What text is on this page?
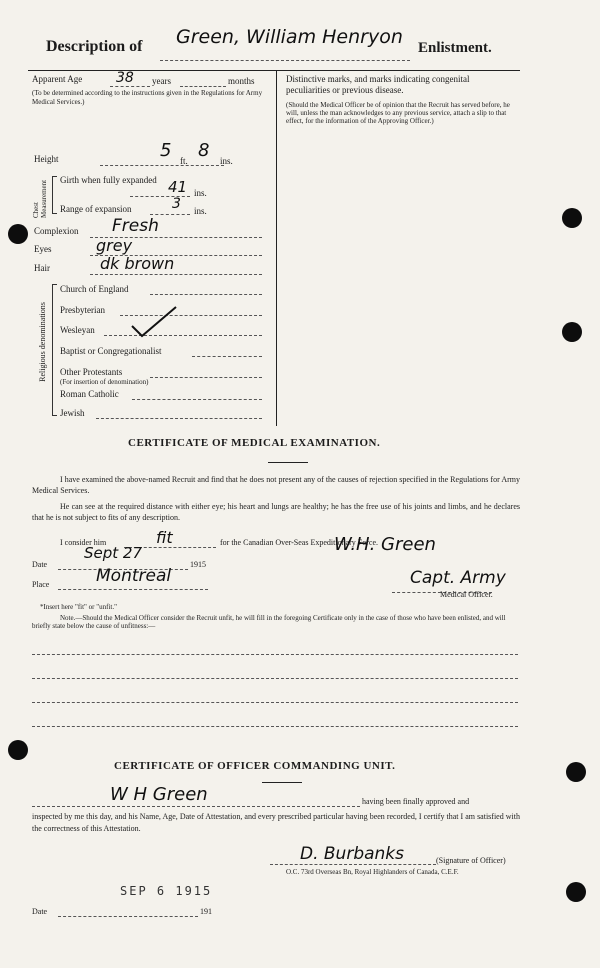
Description of Green, William Henryon Enlistment.
Apparent Age 38 years	months
(To be determined according to the instructions given in the Regulations for Army Medical Services.)
Height	5 ft. 8 ins.
Chest Measurement Girth when fully expanded 41 ins.
Range of expansion	3 ins.
Complexion Fresh
Eyes	grey
Hair	dk brown
Religious denominations
Church of England
Presbyterian
Wesleyan
Baptist or Congregationalist
Other Protestants
(For insertion of denomination)
Roman Catholic
Jewish
Distinctive marks, and marks indicating congenital peculiarities or previous disease.
(Should the Medical Officer be of opinion that the Recruit has served before, he will, unless the man acknowledges to any previous service, attach a slip to that effect, for the information of the Approving Officer.)
CERTIFICATE OF MEDICAL EXAMINATION.
I have examined the above-named Recruit and find that he does not present any of the causes of rejection specified in the Regulations for Army Medical Services.
He can see at the required distance with either eye; his heart and lungs are healthy; he has the free use of his joints and limbs, and he declares that he is not subject to fits of any description.
I consider him	fit	for the Canadian Over-Seas Expeditionary Force.
Date
Sept 27
1915
Place	Montreal
W.H. Green
Capt. Army
Medical Officer.
*Insert here "fit" or "unfit."
Note.—Should the Medical Officer consider the Recruit unfit, he will fill in the foregoing Certificate only in the case of those who have been enlisted, and will briefly state below the cause of unfitness:—
CERTIFICATE OF OFFICER COMMANDING UNIT.
W H Green	having been finally approved and
inspected by me this day, and his Name, Age, Date of Attestation, and every prescribed particular having been recorded, I certify that I am satisfied with the correctness of this Attestation.
D. Burbanks	(Signature of Officer)
O.C. 73rd Overseas Bn, Royal Highlanders of Canada, C.E.F.
SEP 6 1915
Date	191
